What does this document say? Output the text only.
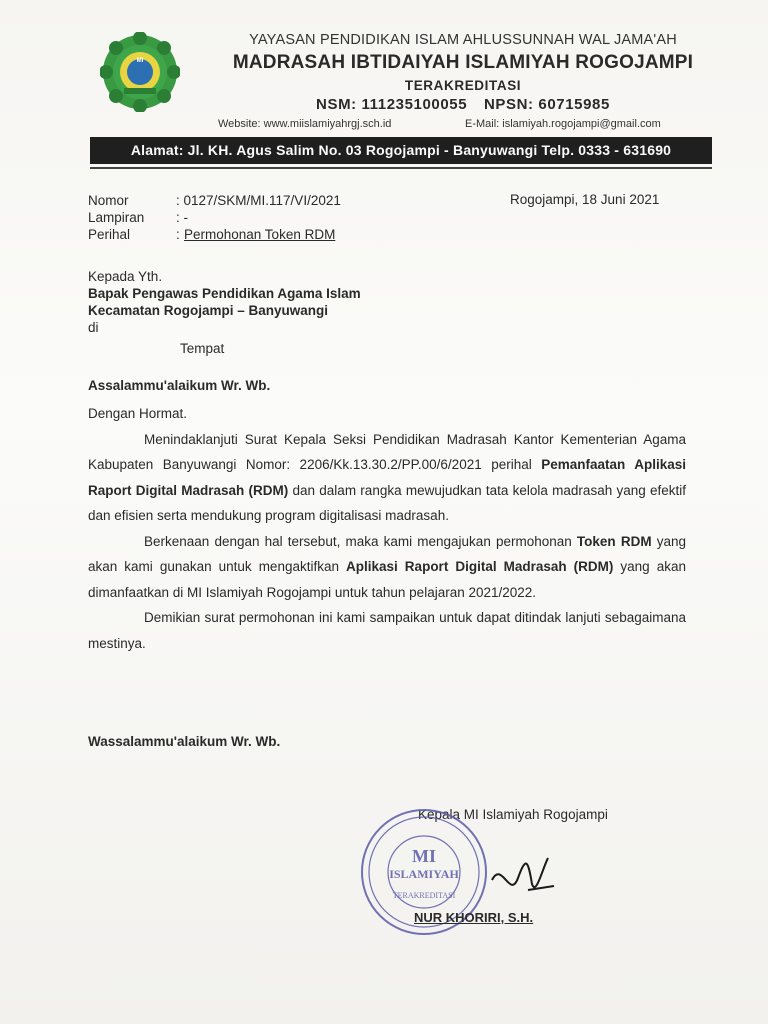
MI
YAYASAN PENDIDIKAN ISLAM AHLUSSUNNAH WAL JAMA'AH
MADRASAH IBTIDAIYAH ISLAMIYAH ROGOJAMPI
TERAKREDITASI
NSM: 111235100055 NPSN: 60715985
Website: www.miislamiyahrgj.sch.id	E-Mail: islamiyah.rogojampi@gmail.com
Alamat: Jl. KH. Agus Salim No. 03 Rogojampi - Banyuwangi Telp. 0333 - 631690
Nomor	: 0127/SKM/MI.117/VI/2021
Lampiran	: -
Perihal	: Permohonan Token RDM
Rogojampi, 18 Juni 2021
Kepada Yth.
Bapak Pengawas Pendidikan Agama Islam
Kecamatan Rogojampi – Banyuwangi
di
Tempat
Assalammu'alaikum Wr. Wb.

Dengan Hormat.

Menindaklanjuti Surat Kepala Seksi Pendidikan Madrasah Kantor Kementerian Agama Kabupaten Banyuwangi Nomor: 2206/Kk.13.30.2/PP.00/6/2021 perihal Pemanfaatan Aplikasi Raport Digital Madrasah (RDM) dan dalam rangka mewujudkan tata kelola madrasah yang efektif dan efisien serta mendukung program digitalisasi madrasah.

Berkenaan dengan hal tersebut, maka kami mengajukan permohonan Token RDM yang akan kami gunakan untuk mengaktifkan Aplikasi Raport Digital Madrasah (RDM) yang akan dimanfaatkan di MI Islamiyah Rogojampi untuk tahun pelajaran 2021/2022.

Demikian surat permohonan ini kami sampaikan untuk dapat ditindak lanjuti sebagaimana mestinya.

Wassalammu'alaikum Wr. Wb.
Kepala MI Islamiyah Rogojampi
MI
ISLAMIYAH
TERAKREDITASI
NUR KHORIRI, S.H.
